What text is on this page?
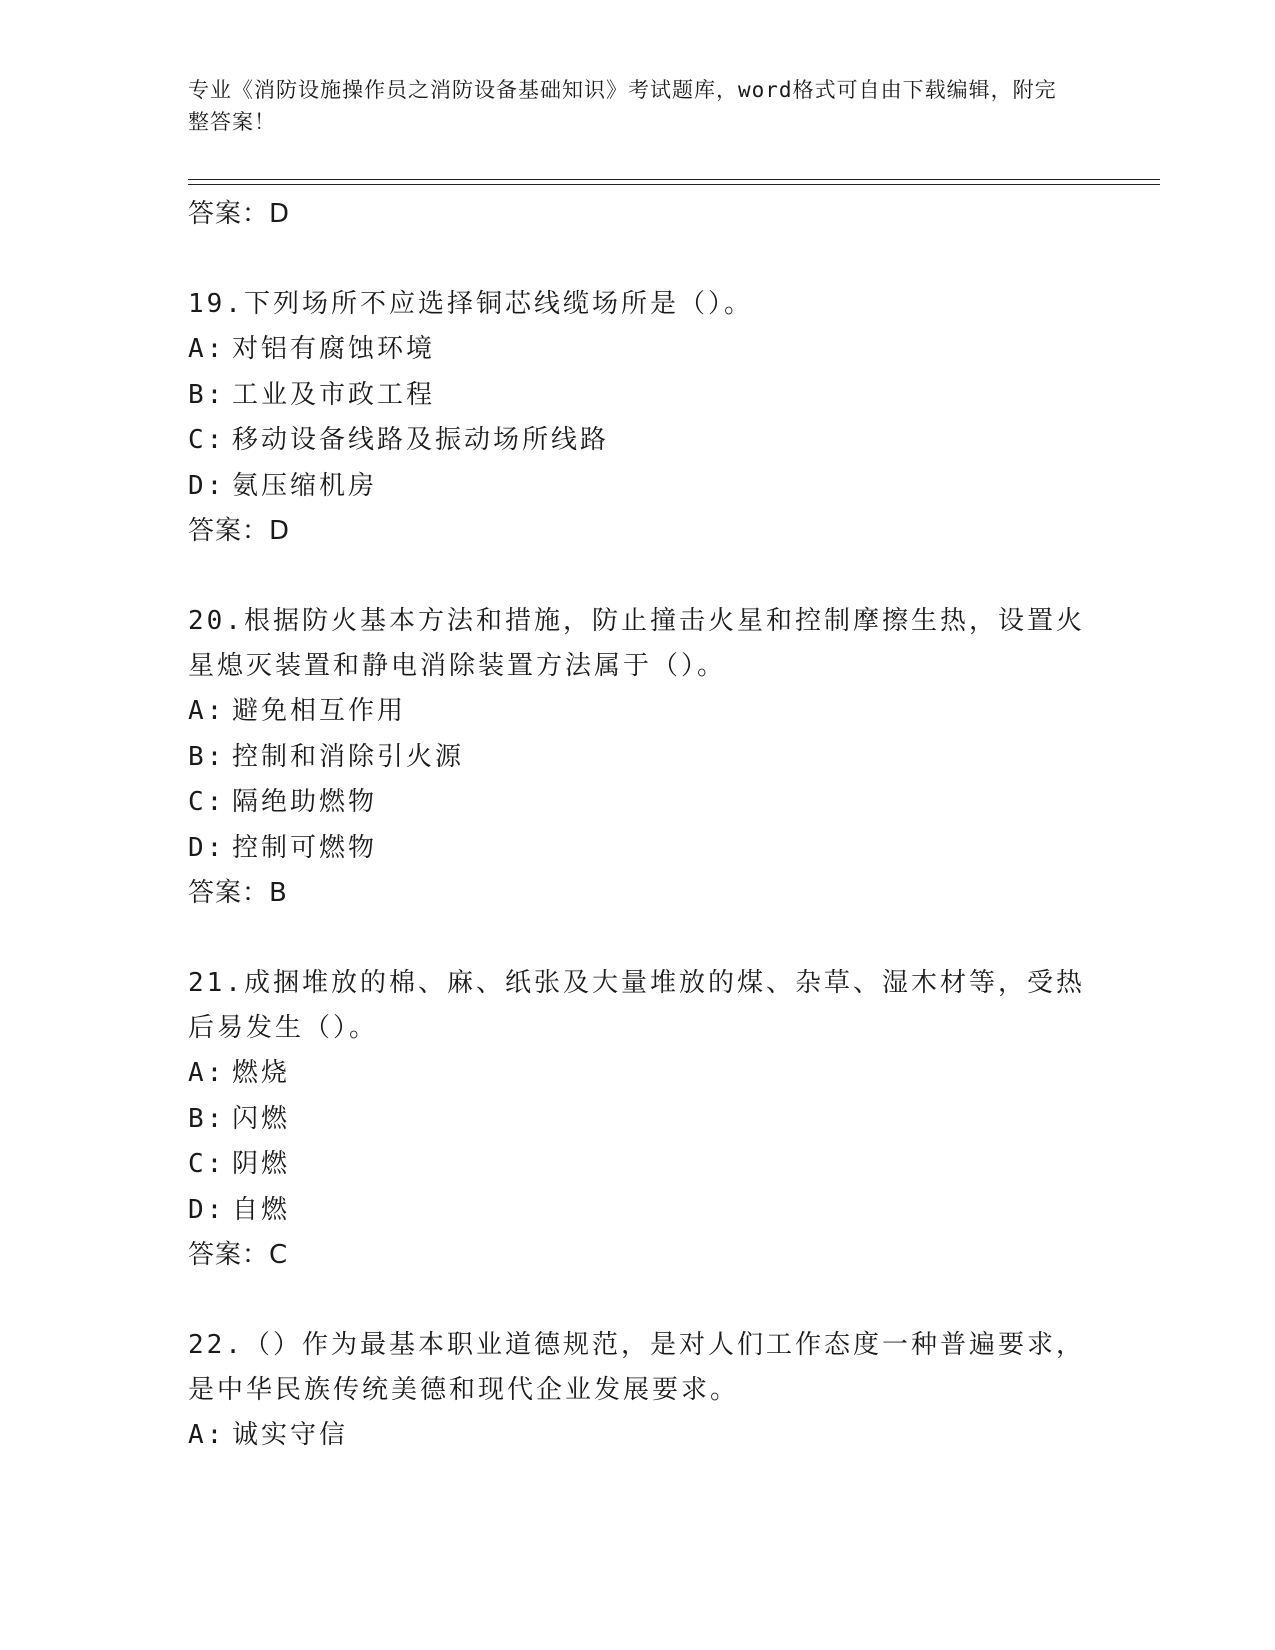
专业《消防设施操作员之消防设备基础知识》考试题库，word格式可自由下载编辑，附完整答案！
答案：D
19.下列场所不应选择铜芯线缆场所是（）。
A: 对铝有腐蚀环境
B: 工业及市政工程
C: 移动设备线路及振动场所线路
D: 氨压缩机房
答案：D
20.根据防火基本方法和措施，防止撞击火星和控制摩擦生热，设置火星熄灭装置和静电消除装置方法属于（）。
A: 避免相互作用
B: 控制和消除引火源
C: 隔绝助燃物
D: 控制可燃物
答案：B
21.成捆堆放的棉、麻、纸张及大量堆放的煤、杂草、湿木材等，受热后易发生（）。
A: 燃烧
B: 闪燃
C: 阴燃
D: 自燃
答案：C
22.（）作为最基本职业道德规范，是对人们工作态度一种普遍要求，是中华民族传统美德和现代企业发展要求。
A: 诚实守信
